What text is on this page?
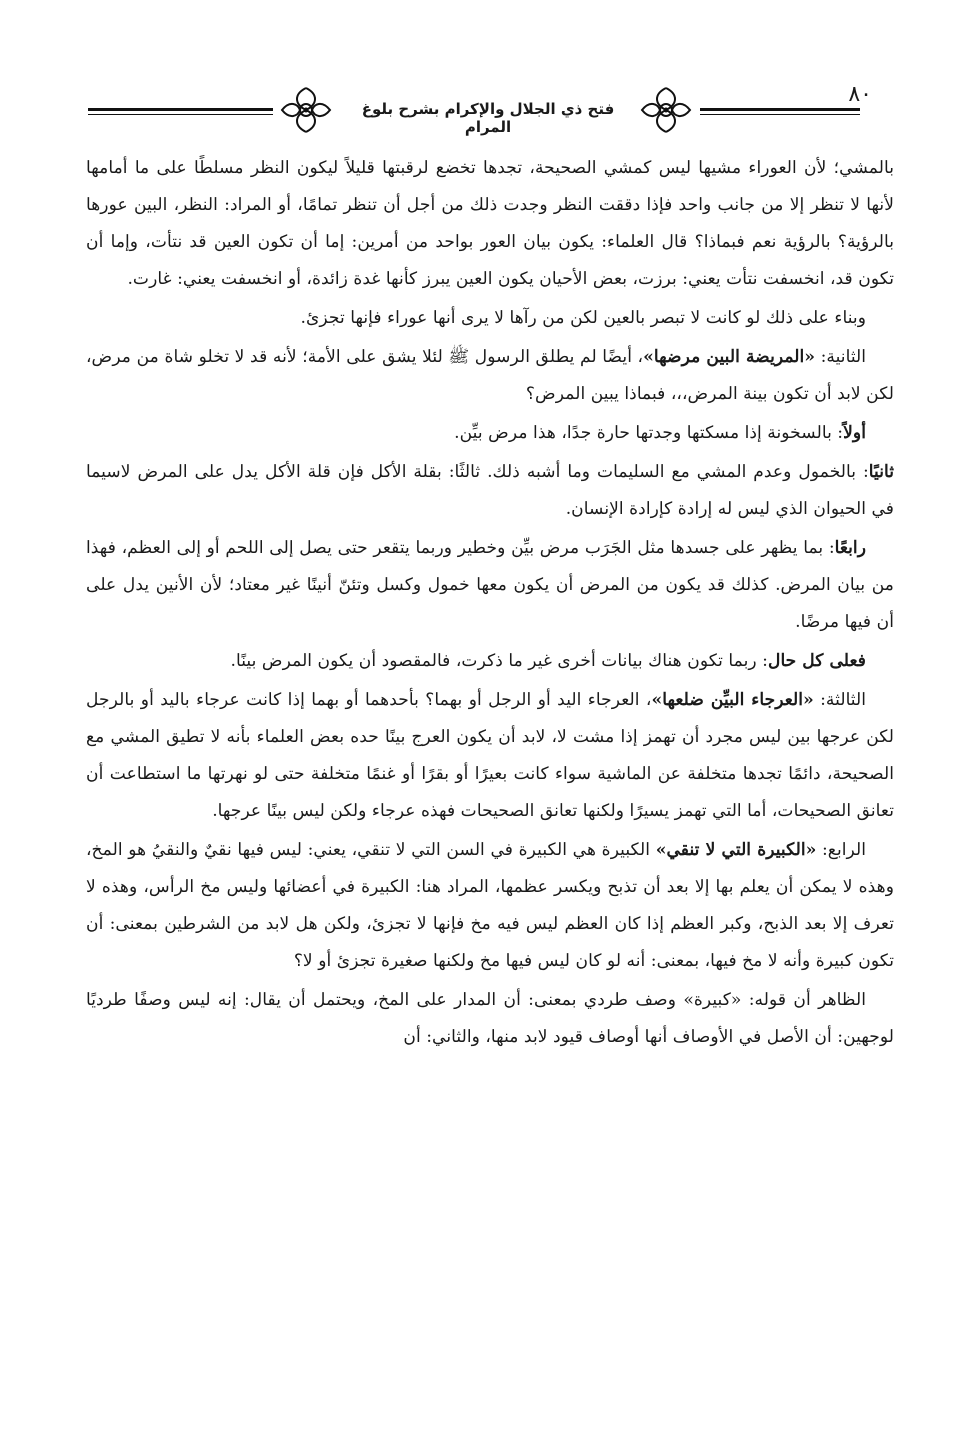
فتح ذي الجلال والإكرام بشرح بلوغ المرام
٨٠

بالمشي؛ لأن العوراء مشيها ليس كمشي الصحيحة، تجدها تخضع لرقبتها قليلاً ليكون النظر مسلطًا على ما أمامها لأنها لا تنظر إلا من جانب واحد فإذا دققت النظر وجدت ذلك من أجل أن تنظر تمامًا، أو المراد: النظر، البين عورها بالرؤية؟ بالرؤية نعم فبماذا؟ قال العلماء: يكون بيان العور بواحد من أمرين: إما أن تكون العين قد نتأت، وإما أن تكون قد، انخسفت نتأت يعني: برزت، بعض الأحيان يكون العين يبرز كأنها غدة زائدة، أو انخسفت يعني: غارت.

وبناء على ذلك لو كانت لا تبصر بالعين لكن من رآها لا يرى أنها عوراء فإنها تجزئ.

الثانية: «المريضة البين مرضها»، أيضًا لم يطلق الرسول ﷺ لئلا يشق على الأمة؛ لأنه قد لا تخلو شاة من مرض، لكن لابد أن تكون بينة المرض،،، فبماذا يبين المرض؟

أولاً: بالسخونة إذا مسكتها وجدتها حارة جدًا، هذا مرض بيِّن.

ثانيًا: بالخمول وعدم المشي مع السليمات وما أشبه ذلك. ثالثًا: بقلة الأكل فإن قلة الأكل يدل على المرض لاسيما في الحيوان الذي ليس له إرادة كإرادة الإنسان.

رابعًا: بما يظهر على جسدها مثل الجَرَب مرض بيِّن وخطير وربما يتقعر حتى يصل إلى اللحم أو إلى العظم، فهذا من بيان المرض. كذلك قد يكون من المرض أن يكون معها خمول وكسل وتئنّ أنينًا غير معتاد؛ لأن الأنين يدل على أن فيها مرضًا.

فعلى كل حال: ربما تكون هناك بيانات أخرى غير ما ذكرت، فالمقصود أن يكون المرض بينًا.

الثالثة: «العرجاء البيِّن ضلعها»، العرجاء اليد أو الرجل أو بهما؟ بأحدهما أو بهما إذا كانت عرجاء باليد أو بالرجل لكن عرجها بين ليس مجرد أن تهمز إذا مشت لا، لابد أن يكون العرج بينًا حده بعض العلماء بأنه لا تطيق المشي مع الصحيحة، دائمًا تجدها متخلفة عن الماشية سواء كانت بعيرًا أو بقرًا أو غنمًا متخلفة حتى لو نهرتها ما استطاعت أن تعانق الصحيحات، أما التي تهمز يسيرًا ولكنها تعانق الصحيحات فهذه عرجاء ولكن ليس بينًا عرجها.

الرابع: «الكبيرة التي لا تنقي» الكبيرة هي الكبيرة في السن التي لا تنقي، يعني: ليس فيها نقيٌ والنقيُ هو المخ، وهذه لا يمكن أن يعلم بها إلا بعد أن تذبح ويكسر عظمها، المراد هنا: الكبيرة في أعضائها وليس مخ الرأس، وهذه لا تعرف إلا بعد الذبح، وكبر العظم إذا كان العظم ليس فيه مخ فإنها لا تجزئ، ولكن هل لابد من الشرطين بمعنى: أن تكون كبيرة وأنه لا مخ فيها، بمعنى: أنه لو كان ليس فيها مخ ولكنها صغيرة تجزئ أو لا؟

الظاهر أن قوله: «كبيرة» وصف طردي بمعنى: أن المدار على المخ، ويحتمل أن يقال: إنه ليس وصفًا طرديًا لوجهين: أن الأصل في الأوصاف أنها أوصاف قيود لابد منها، والثاني: أن
